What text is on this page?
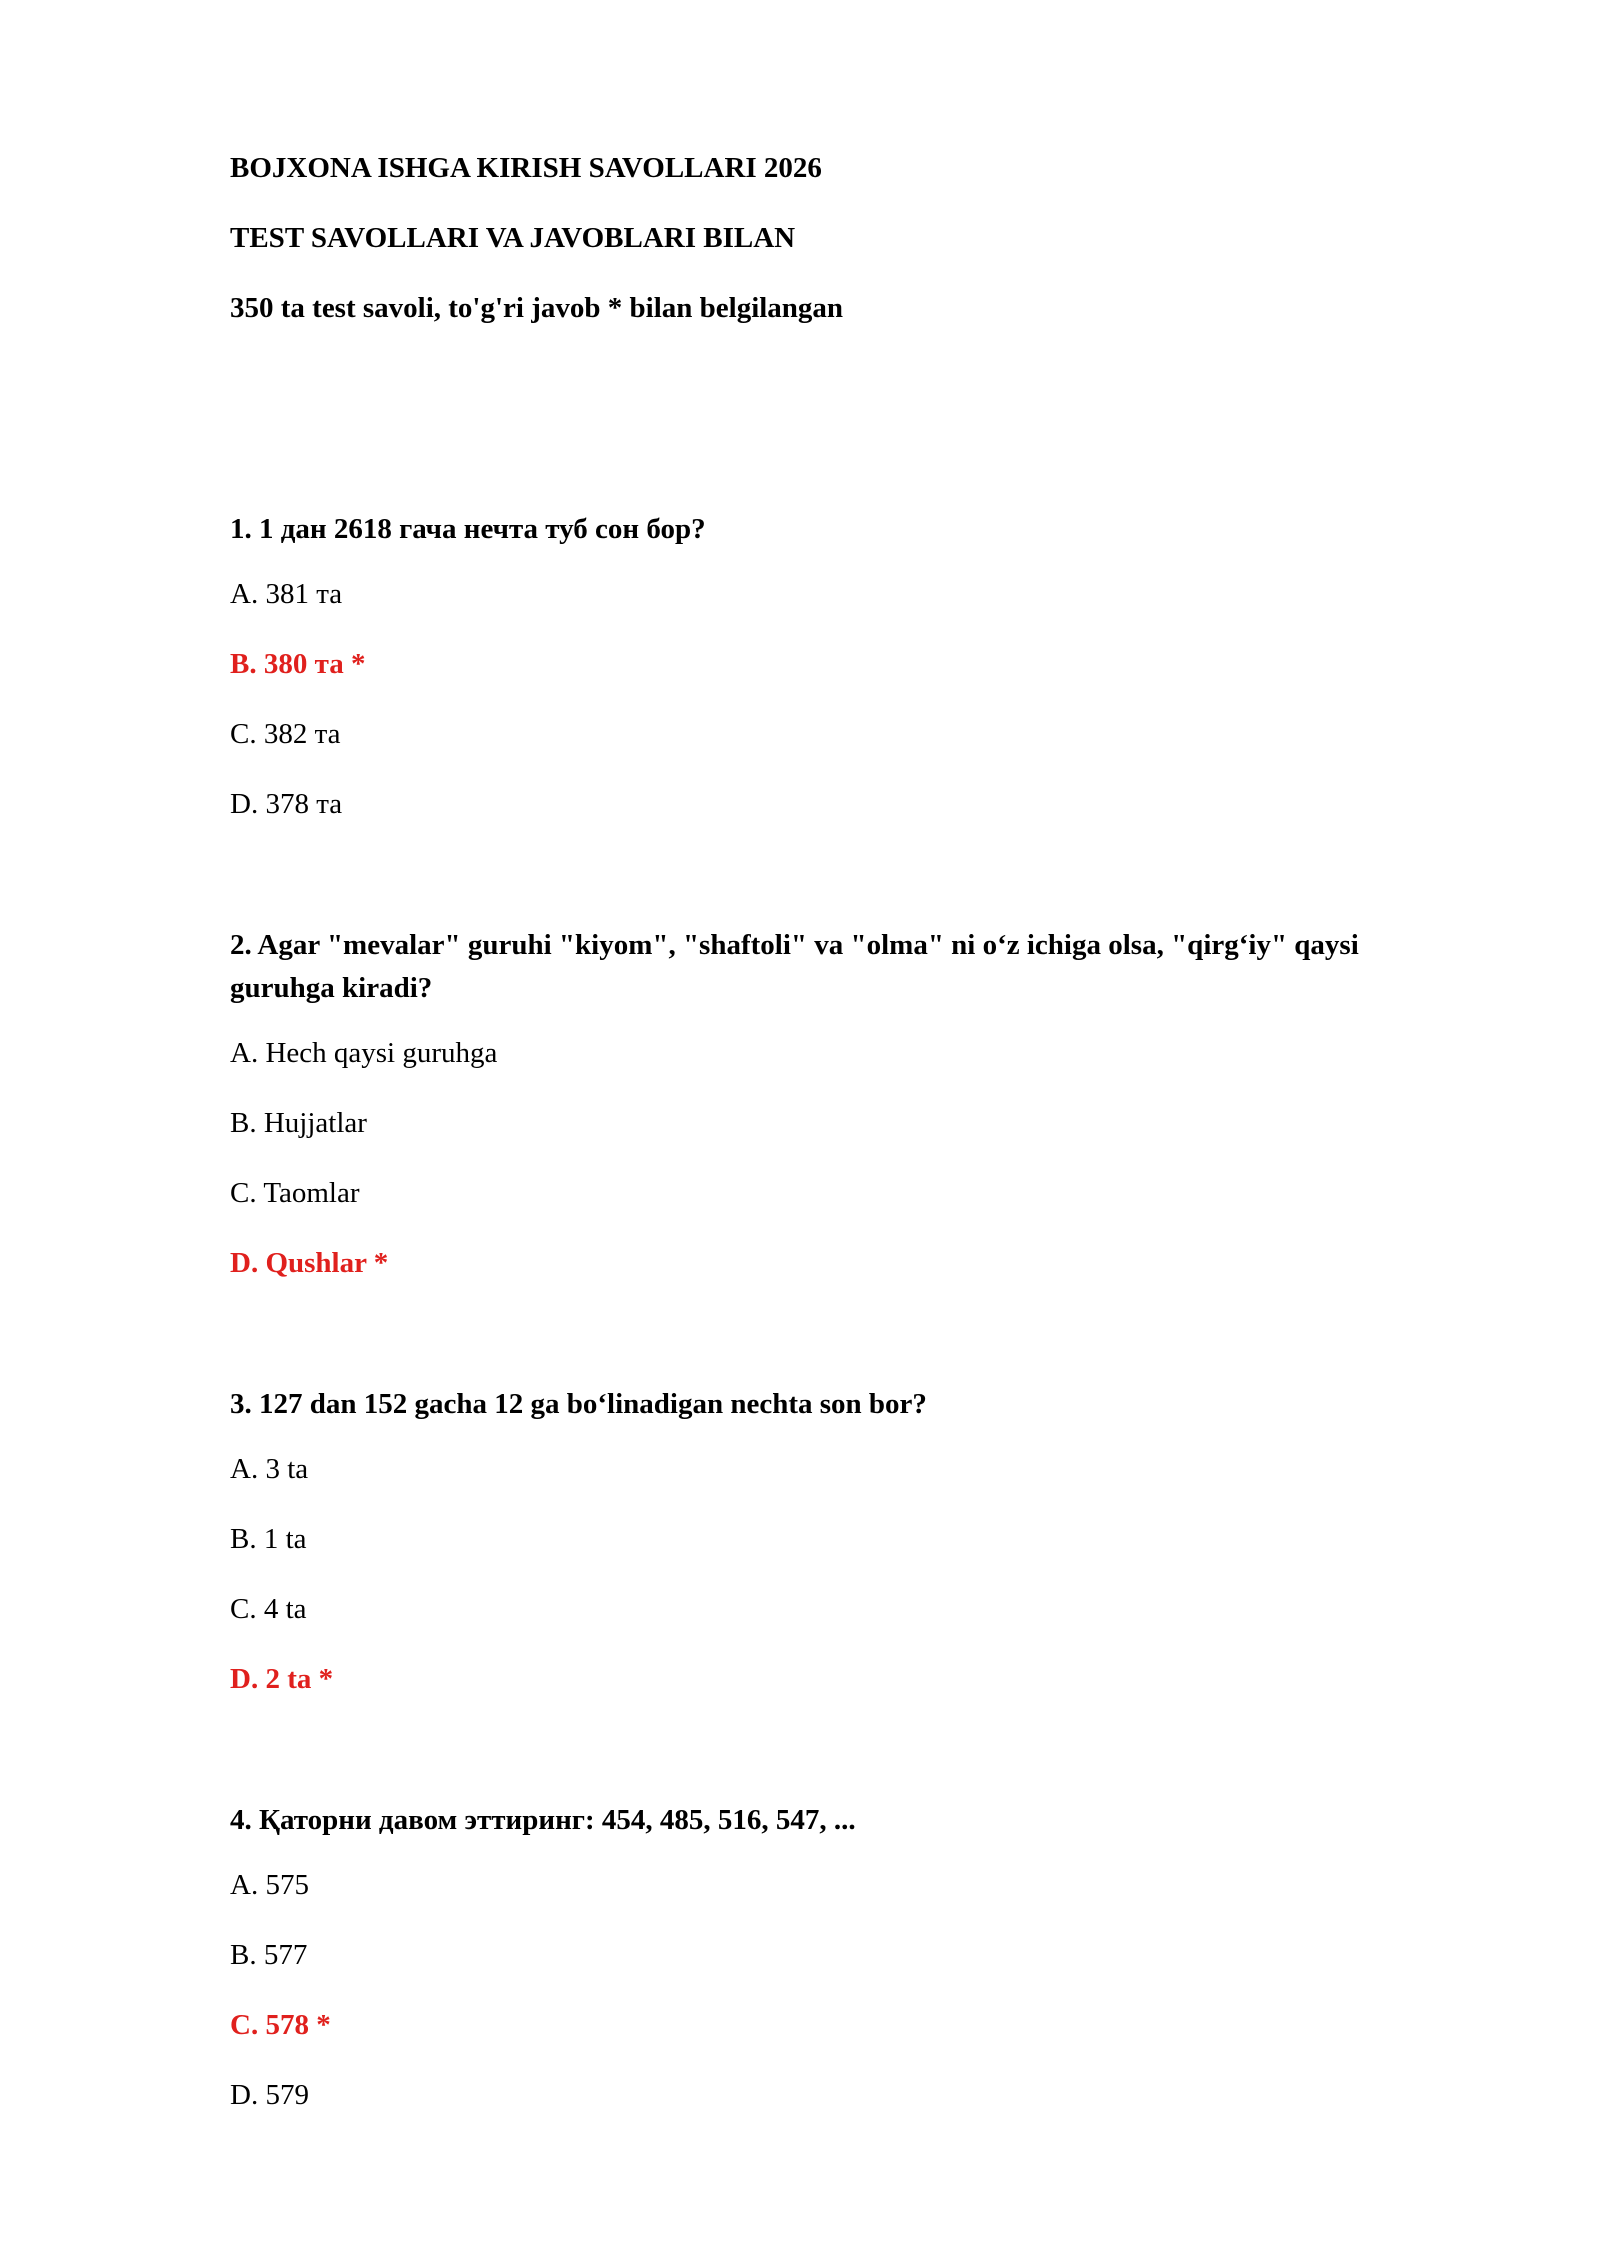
BOJXONA ISHGA KIRISH SAVOLLARI 2026
TEST SAVOLLARI VA JAVOBLARI BILAN
350 ta test savoli, to'g'ri javob * bilan belgilangan
1. 1 дан 2618 гача нечта туб сон бор?
A. 381 та
B. 380 та *
C. 382 та
D. 378 та
2. Agar "mevalar" guruhi "kiyom", "shaftoli" va "olma" ni o‘z ichiga olsa, "qirg‘iy" qaysi guruhga kiradi?
A. Hech qaysi guruhga
B. Hujjatlar
C. Taomlar
D. Qushlar *
3. 127 dan 152 gacha 12 ga bo‘linadigan nechta son bor?
A. 3 ta
B. 1 ta
C. 4 ta
D. 2 ta *
4. Қаторни давом эттиринг: 454, 485, 516, 547, ...
A. 575
B. 577
C. 578 *
D. 579
